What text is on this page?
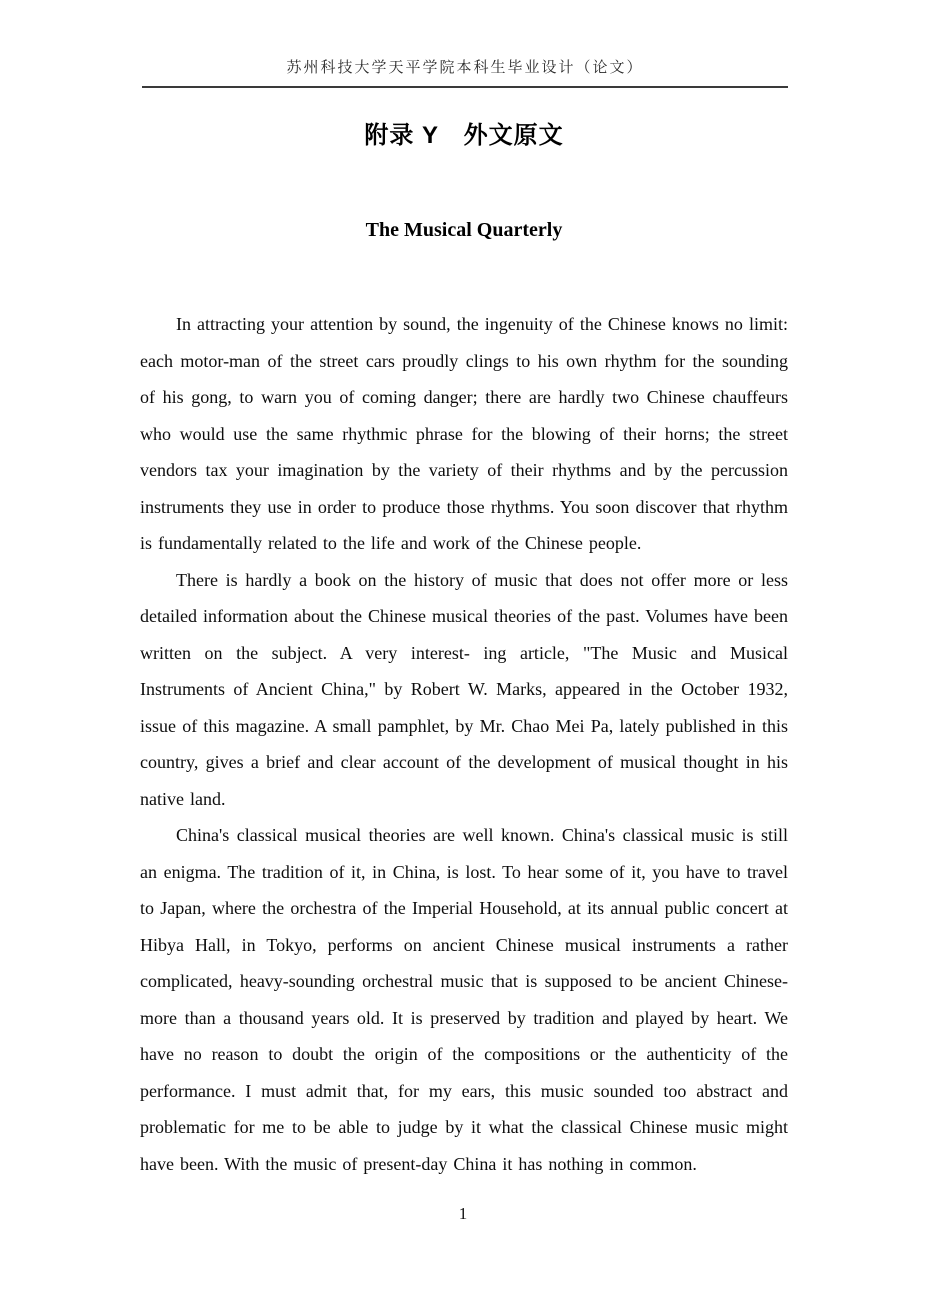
苏州科技大学天平学院本科生毕业设计（论文）
附录 Y　外文原文
The Musical Quarterly

In attracting your attention by sound, the ingenuity of the Chinese knows no limit: each motor-man of the street cars proudly clings to his own rhythm for the sounding of his gong, to warn you of coming danger; there are hardly two Chinese chauffeurs who would use the same rhythmic phrase for the blowing of their horns; the street vendors tax your imagination by the variety of their rhythms and by the percussion instruments they use in order to produce those rhythms. You soon discover that rhythm is fundamentally related to the life and work of the Chinese people.

There is hardly a book on the history of music that does not offer more or less detailed information about the Chinese musical theories of the past. Volumes have been written on the subject. A very interest- ing article, "The Music and Musical Instruments of Ancient China," by Robert W. Marks, appeared in the October 1932, issue of this magazine. A small pamphlet, by Mr. Chao Mei Pa, lately published in this country, gives a brief and clear account of the development of musical thought in his native land.

China's classical musical theories are well known. China's classical music is still an enigma. The tradition of it, in China, is lost. To hear some of it, you have to travel to Japan, where the orchestra of the Imperial Household, at its annual public concert at Hibya Hall, in Tokyo, performs on ancient Chinese musical instruments a rather complicated, heavy-sounding orchestral music that is supposed to be ancient Chinese-more than a thousand years old. It is preserved by tradition and played by heart. We have no reason to doubt the origin of the compositions or the authenticity of the performance. I must admit that, for my ears, this music sounded too abstract and problematic for me to be able to judge by it what the classical Chinese music might have been. With the music of present-day China it has nothing in common.

1
